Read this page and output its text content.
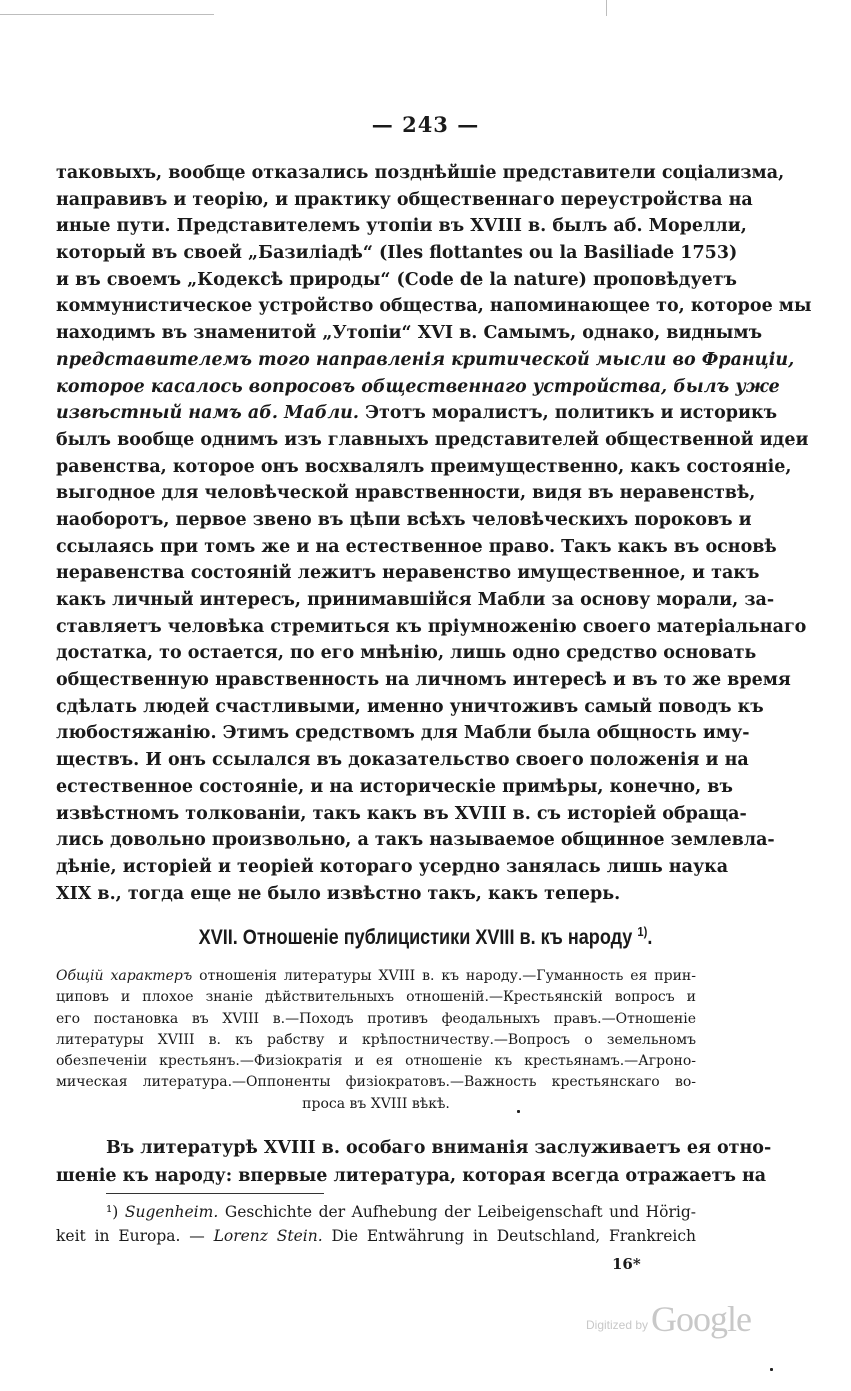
— 243 —
таковыхъ, вообще отказались позднѣйшіе представители соціализма,
направивъ и теорію, и практику общественнаго переустройства на
иные пути. Представителемъ утопіи въ XVIII в. былъ аб. Морелли,
который въ своей „Базиліадѣ“ (Iles flottantes ou la Basiliade 1753)
и въ своемъ „Кодексѣ природы“ (Code de la nature) проповѣдуетъ
коммунистическое устройство общества, напоминающее то, которое мы
находимъ въ знаменитой „Утопіи“ XVI в. Самымъ, однако, виднымъ
представителемъ того направленія критической мысли во Франціи,
которое касалось вопросовъ общественнаго устройства, былъ уже
извѣстный намъ аб. Мабли. Этотъ моралистъ, политикъ и историкъ
былъ вообще однимъ изъ главныхъ представителей общественной идеи
равенства, которое онъ восхвалялъ преимущественно, какъ состояніе,
выгодное для человѣческой нравственности, видя въ неравенствѣ,
наоборотъ, первое звено въ цѣпи всѣхъ человѣческихъ пороковъ и
ссылаясь при томъ же и на естественное право. Такъ какъ въ основѣ
неравенства состояній лежитъ неравенство имущественное, и такъ
какъ личный интересъ, принимавшійся Мабли за основу морали, за-
ставляетъ человѣка стремиться къ пріумноженію своего матеріальнаго
достатка, то остается, по его мнѣнію, лишь одно средство основать
общественную нравственность на личномъ интересѣ и въ то же время
сдѣлать людей счастливыми, именно уничтоживъ самый поводъ къ
любостяжанію. Этимъ средствомъ для Мабли была общность иму-
ществъ. И онъ ссылался въ доказательство своего положенія и на
естественное состояніе, и на историческіе примѣры, конечно, въ
извѣстномъ толкованіи, такъ какъ въ XVIII в. съ исторіей обраща-
лись довольно произвольно, а такъ называемое общинное землевла-
дѣніе, исторіей и теоріей котораго усердно занялась лишь наука
XIX в., тогда еще не было извѣстно такъ, какъ теперь.
XVII. Отношеніе публицистики XVIII в. къ народу $^{1)}$.
Общій характеръ отношенія литературы XVIII в. къ народу.—Гуманность ея прин-
циповъ и плохое знаніе дѣйствительныхъ отношеній.—Крестьянскій вопросъ и
его постановка въ XVIII в.—Походъ противъ феодальныхъ правъ.—Отношеніе
литературы XVIII в. къ рабству и крѣпостничеству.—Вопросъ о земельномъ
обезпеченіи крестьянъ.—Физіократія и ея отношеніе къ крестьянамъ.—Агроно-
мическая литература.—Оппоненты физіократовъ.—Важность крестьянскаго во-
проса въ XVIII вѣкѣ.
Въ литературѣ XVIII в. особаго вниманія заслуживаетъ ея отно-
шеніе къ народу: впервые литература, которая всегда отражаетъ на
¹) Sugenheim. Geschichte der Aufhebung der Leibeigenschaft und Hörig-
keit in Europa. — Lorenz Stein. Die Entwährung in Deutschland, Frankreich
16*
Digitized by Google
